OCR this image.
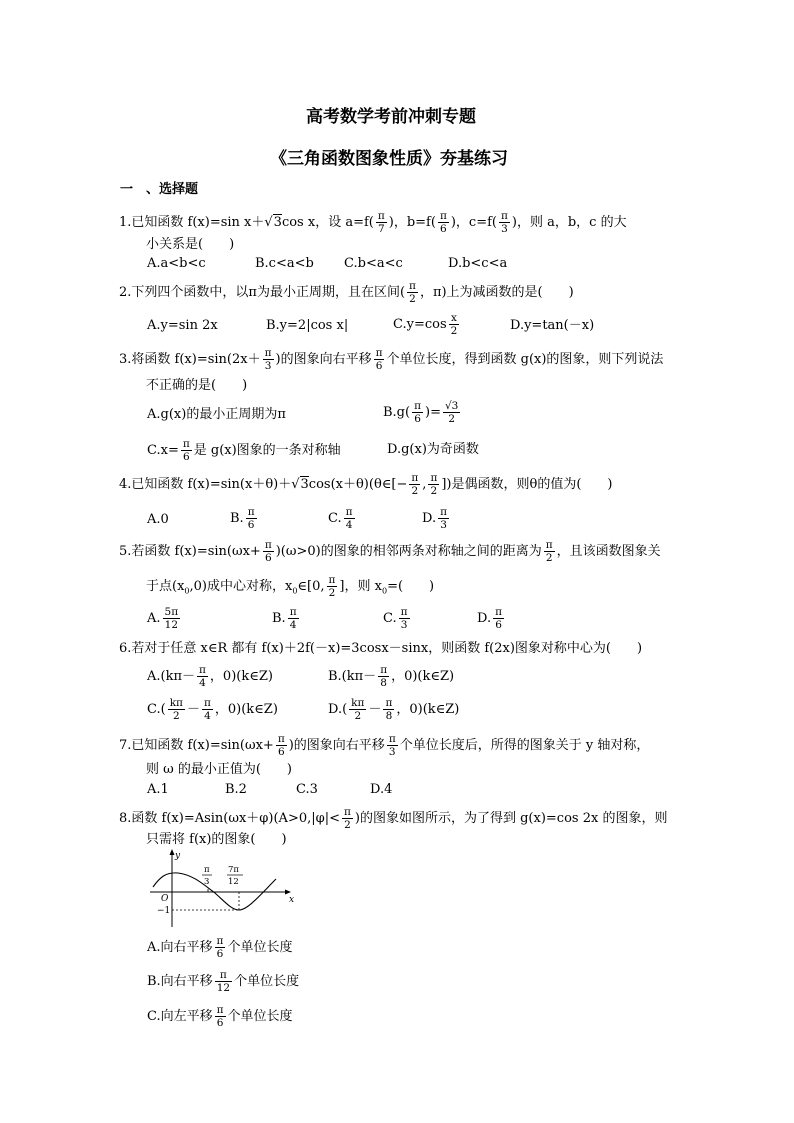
高考数学考前冲刺专题
《三角函数图象性质》夯基练习
一　、选择题
1.已知函数 f(x)=sin x＋√3cos x，设 $a=f( \frac{\pi}{7}$ )，$b=f( \frac{\pi}{6}$ )，$c=f( \frac{\pi}{3}$ )，则 a，b，c 的大
小关系是(　　)
A.a<b<c	B.c<a<b C.b<a<c	D.b<c<a
2.下列四个函数中，以π为最小正周期，且在区间( $\frac{\pi}{2}$ ，π)上为减函数的是(　　)
A.y=sin 2x	B.y=2|cos x|	$C.y=\cos \frac{x}{2}$	D.y=tan(－x)
3.将函数 $f(x)=\sin(2x+ \frac{\pi}{3}$ )的图象向右平移 $\frac{\pi}{6}$ 个单位长度，得到函数 g(x)的图象，则下列说法
不正确的是(　　)
A.g(x)的最小正周期为π	$B.g( \frac{\pi}{6}$ )= $\frac{√3}{2}$
$C.x= \frac{\pi}{6}$ 是 g(x)图象的一条对称轴	D.g(x)为奇函数
4.已知函数 f(x)=sin(x＋θ)＋√3cos(x＋θ)(θ∈[− $\frac{\pi}{2}$ , $\frac{\pi}{2}$ ])是偶函数，则θ的值为(　　)
A.0	B. $\frac{\pi}{6}$	C. $\frac{\pi}{4}$	D. $\frac{\pi}{3}$
5.若函数 $f(x)=\sin(\omega x+ \frac{\pi}{6} )(\omega>0)$的图象的相邻两条对称轴之间的距离为 $\frac{\pi}{2}$ ，且该函数图象关
于点$(x_0,0)$成中心对称，$x_0\in[0$, $\frac{\pi}{2}$ ]，则 $x_0=$(　　)
A. $\frac{5\pi}{12}$	B. $\frac{\pi}{4}$	C. $\frac{\pi}{3}$	D. $\frac{\pi}{6}$
6.若对于任意 x∈R 都有 f(x)＋2f(－x)=3cosx－sinx，则函数 f(2x)图象对称中心为(　　)
$A.(k\pi- \frac{\pi}{4}$ ，0)(k∈Z)	$B.(k\pi- \frac{\pi}{8}$ ，0)(k∈Z)
$C.( \frac{k\pi}{2} - \frac{\pi}{4}$ ，0)(k∈Z)	$D.( \frac{k\pi}{2} - \frac{\pi}{8}$ ，0)(k∈Z)
7.已知函数 $f(x)=\sin(\omega x+ \frac{\pi}{6}$ )的图象向右平移 $\frac{\pi}{3}$ 个单位长度后，所得的图象关于 y 轴对称，
则 ω 的最小正值为(　　)
A.1	B.2	C.3	D.4
8.函数 $f(x)=Asin(\omega x+\varphi)(A>0,|\varphi|< \frac{\pi}{2}$ )的图象如图所示，为了得到 g(x)=cos 2x 的图象，则
只需将 f(x)的图象(　　)
y
x
O
−1
π
3
7π
12
A.向右平移 $\frac{\pi}{6}$ 个单位长度
B.向右平移 $\frac{\pi}{12}$ 个单位长度
C.向左平移 $\frac{\pi}{6}$ 个单位长度
